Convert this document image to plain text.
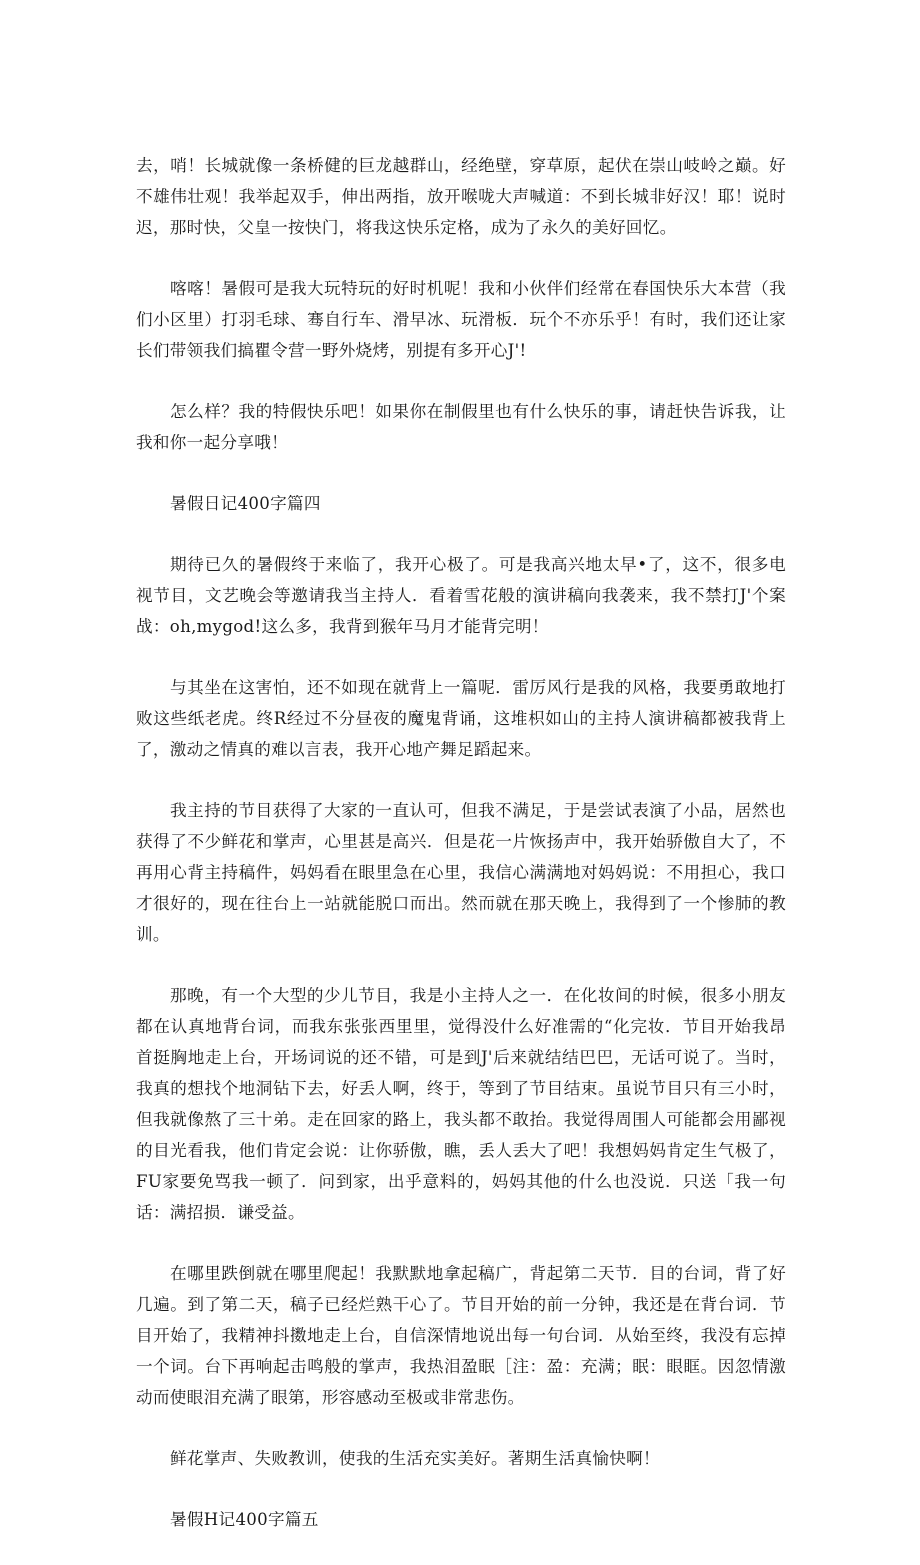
去，哨！长城就像一条桥健的巨龙越群山，经绝壁，穿草原，起伏在崇山岐岭之巅。好不雄伟壮观！我举起双手，伸出两指，放开喉咙大声喊道：不到长城非好汉！耶！说时迟，那时快，父皇一按快门，将我这快乐定格，成为了永久的美好回忆。

喀喀！暑假可是我大玩特玩的好时机呢！我和小伙伴们经常在春国快乐大本营（我们小区里）打羽毛球、骞自行车、滑早冰、玩滑板．玩个不亦乐乎！有时，我们还让家长们带领我们搞瞿令营一野外烧烤，别提有多开心J'!

怎么样？我的特假快乐吧！如果你在制假里也有什么快乐的事，请赶快告诉我，让我和你一起分享哦！

暑假日记400字篇四

期待已久的暑假终于来临了，我开心极了。可是我高兴地太早•了，这不，很多电视节目，文艺晚会等邀请我当主持人．看着雪花般的演讲稿向我袭来，我不禁打J'个案战：oh,mygod!这么多，我背到猴年马月才能背完明！

与其坐在这害怕，还不如现在就背上一篇呢．雷厉风行是我的风格，我要勇敢地打败这些纸老虎。终R经过不分昼夜的魔鬼背诵，这堆枳如山的主持人演讲稿都被我背上了，激动之情真的难以言表，我开心地产舞足蹈起来。

我主持的节目获得了大家的一直认可，但我不满足，于是尝试表演了小品，居然也获得了不少鲜花和掌声，心里甚是高兴．但是花一片恢扬声中，我开始骄傲自大了，不再用心背主持稿件，妈妈看在眼里急在心里，我信心满满地对妈妈说：不用担心，我口才很好的，现在往台上一站就能脱口而出。然而就在那天晚上，我得到了一个惨肺的教训。

那晚，有一个大型的少儿节目，我是小主持人之一．在化妆间的时候，很多小朋友都在认真地背台词，而我东张张西里里，觉得没什么好准需的“化完妆．节目开始我昂首挺胸地走上台，开场词说的还不错，可是到J'后来就结结巴巴，无话可说了。当时，我真的想找个地洞钻下去，好丢人啊，终于，等到了节目结束。虽说节目只有三小时，但我就像熬了三十弟。走在回家的路上，我头都不敢抬。我觉得周围人可能都会用鄙视的目光看我，他们肯定会说：让你骄傲，瞧，丢人丢大了吧！我想妈妈肯定生气极了，FU家要免骂我一顿了．问到家，出乎意料的，妈妈其他的什么也没说．只送「我一句话：满招损．谦受益。

在哪里跌倒就在哪里爬起！我默默地拿起稿广，背起第二天节．目的台词，背了好几遍。到了第二天，稿子已经烂熟干心了。节目开始的前一分钟，我还是在背台词．节目开始了，我精神抖擞地走上台，自信深情地说出每一句台词．从始至终，我没有忘掉一个词。台下再响起击鸣般的掌声，我热泪盈眠［注：盈：充满；眠：眼眶。因忽情激动而使眼泪充满了眼第，形容感动至极或非常悲伤。

鲜花掌声、失败教训，使我的生活充实美好。著期生活真愉快啊！

暑假H记400字篇五
